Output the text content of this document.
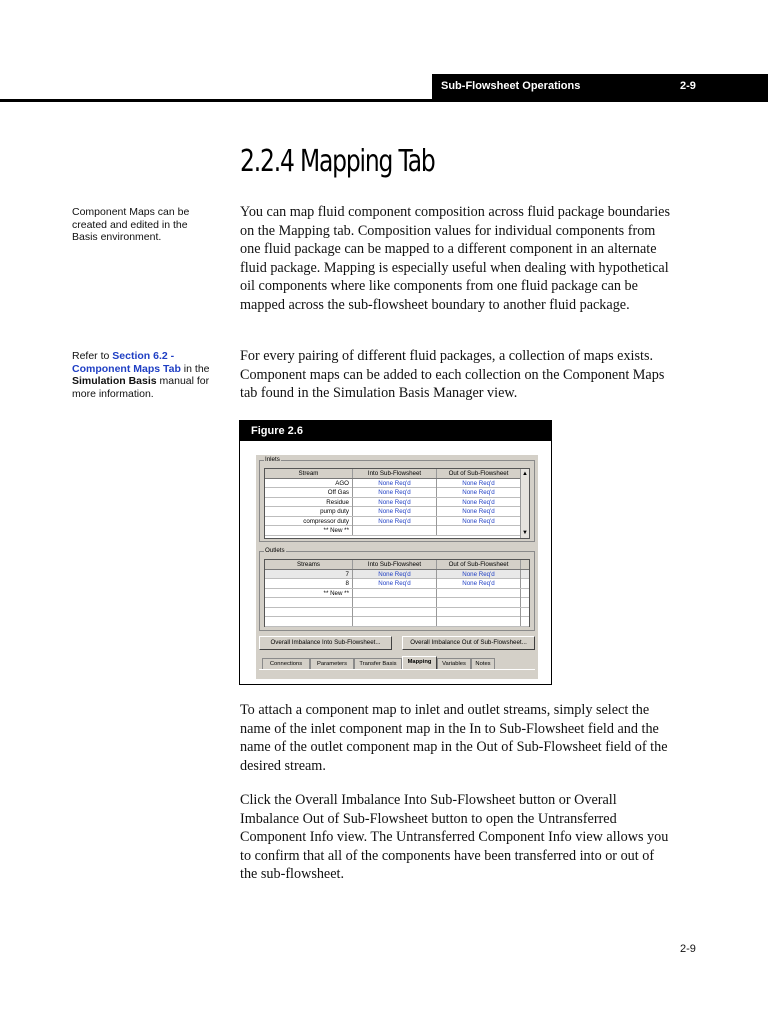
Sub-Flowsheet Operations	2-9
2.2.4 Mapping Tab
Component Maps can be created and edited in the Basis environment.
Refer to Section 6.2 - Component Maps Tab in the Simulation Basis manual for more information.

You can map fluid component composition across fluid package boundaries on the Mapping tab. Composition values for individual components from one fluid package can be mapped to a different component in an alternate fluid package. Mapping is especially useful when dealing with hypothetical oil components where like components from one fluid package can be mapped across the sub-flowsheet boundary to another fluid package.

For every pairing of different fluid packages, a collection of maps exists. Component maps can be added to each collection on the Component Maps tab found in the Simulation Basis Manager view.

Figure 2.6
Inlets
Stream	Into Sub-Flowsheet	Out of Sub-Flowsheet
AGO	None Req'd	None Req'd
Off Gas	None Req'd	None Req'd
Residue	None Req'd	None Req'd
pump duty	None Req'd	None Req'd
compressor duty	None Req'd	None Req'd
** New **
▲
▼
Outlets
Streams	Into Sub-Flowsheet	Out of Sub-Flowsheet
7	None Req'd	None Req'd
8	None Req'd	None Req'd
** New **
Overall Imbalance Into Sub-Flowsheet...	Overall Imbalance Out of Sub-Flowsheet...
Connections	Parameters	Transfer Basis	Mapping	Variables	Notes

To attach a component map to inlet and outlet streams, simply select the name of the inlet component map in the In to Sub-Flowsheet field and the name of the outlet component map in the Out of Sub-Flowsheet field of the desired stream.

Click the Overall Imbalance Into Sub-Flowsheet button or Overall Imbalance Out of Sub-Flowsheet button to open the Untransferred Component Info view. The Untransferred Component Info view allows you to confirm that all of the components have been transferred into or out of the sub-flowsheet.

2-9
